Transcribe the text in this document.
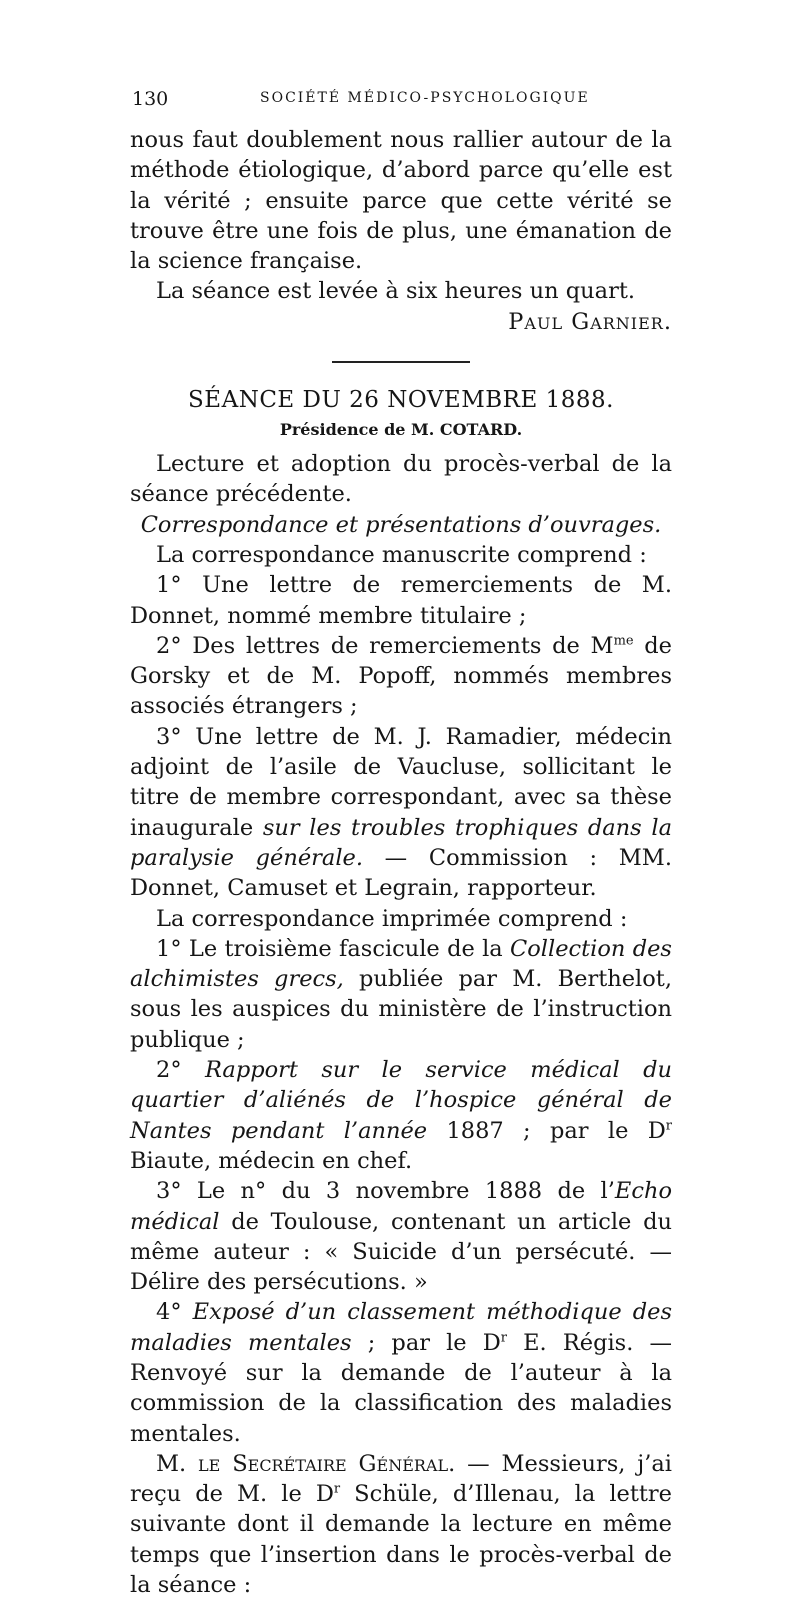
130	SOCIÉTÉ MÉDICO-PSYCHOLOGIQUE

nous faut doublement nous rallier autour de la méthode étiologique, d’abord parce qu’elle est la vérité ; ensuite parce que cette vérité se trouve être une fois de plus, une émanation de la science française.

La séance est levée à six heures un quart.

Paul Garnier.

SÉANCE DU 26 NOVEMBRE 1888.

Présidence de M. COTARD.

Lecture et adoption du procès-verbal de la séance précédente.

Correspondance et présentations d’ouvrages.

La correspondance manuscrite comprend :

1° Une lettre de remerciements de M. Donnet, nommé membre titulaire ;

2° Des lettres de remerciements de $M^{me}$ de Gorsky et de M. Popoff, nommés membres associés étrangers ;

3° Une lettre de M. J. Ramadier, médecin adjoint de l’asile de Vaucluse, sollicitant le titre de membre correspondant, avec sa thèse inaugurale sur les troubles trophiques dans la paralysie générale. — Commission : MM. Donnet, Camuset et Legrain, rapporteur.

La correspondance imprimée comprend :

1° Le troisième fascicule de la Collection des alchimistes grecs, publiée par M. Berthelot, sous les auspices du ministère de l’instruction publique ;

2° Rapport sur le service médical du quartier d’aliénés de l’hospice général de Nantes pendant l’année 1887 ; par le $D^r$ Biaute, médecin en chef.

3° Le n° du 3 novembre 1888 de l’Echo médical de Toulouse, contenant un article du même auteur : « Suicide d’un persécuté. — Délire des persécutions. »

4° Exposé d’un classement méthodique des maladies mentales ; par le $D^r$ E. Régis. — Renvoyé sur la demande de l’auteur à la commission de la classification des maladies mentales.

M. le Secrétaire Général. — Messieurs, j’ai reçu de M. le $D^r$ Schüle, d’Illenau, la lettre suivante dont il demande la lecture en même temps que l’insertion dans le procès-verbal de la séance :
